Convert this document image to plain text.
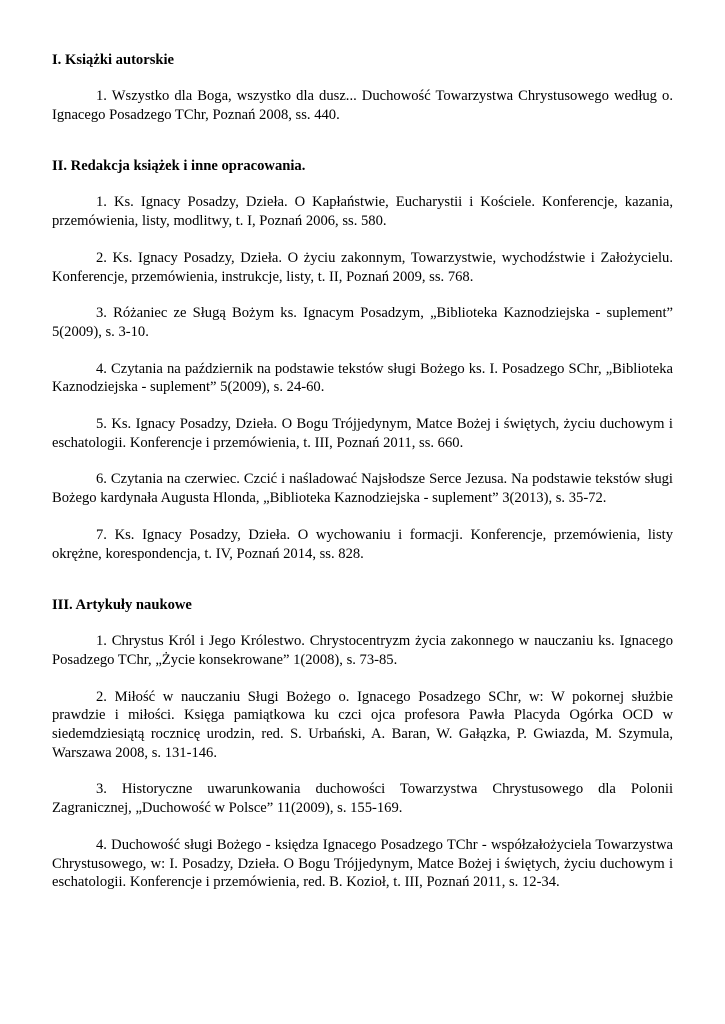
I. Książki autorskie

1. Wszystko dla Boga, wszystko dla dusz... Duchowość Towarzystwa Chrystusowego według o. Ignacego Posadzego TChr, Poznań 2008, ss. 440.

II. Redakcja książek i inne opracowania.

1. Ks. Ignacy Posadzy, Dzieła. O Kapłaństwie, Eucharystii i Kościele. Konferencje, kazania, przemówienia, listy, modlitwy, t. I, Poznań 2006, ss. 580.

2. Ks. Ignacy Posadzy, Dzieła. O życiu zakonnym, Towarzystwie, wychodźstwie i Założycielu. Konferencje, przemówienia, instrukcje, listy, t. II, Poznań 2009, ss. 768.

3. Różaniec ze Sługą Bożym ks. Ignacym Posadzym, „Biblioteka Kaznodziejska - suplement” 5(2009), s. 3-10.

4. Czytania na październik na podstawie tekstów sługi Bożego ks. I. Posadzego SChr, „Biblioteka Kaznodziejska - suplement” 5(2009), s. 24-60.

5. Ks. Ignacy Posadzy, Dzieła. O Bogu Trójjedynym, Matce Bożej i świętych, życiu duchowym i eschatologii. Konferencje i przemówienia, t. III, Poznań 2011, ss. 660.

6. Czytania na czerwiec. Czcić i naśladować Najsłodsze Serce Jezusa. Na podstawie tekstów sługi Bożego kardynała Augusta Hlonda, „Biblioteka Kaznodziejska - suplement” 3(2013), s. 35-72.

7. Ks. Ignacy Posadzy, Dzieła. O wychowaniu i formacji. Konferencje, przemówienia, listy okrężne, korespondencja, t. IV, Poznań 2014, ss. 828.

III. Artykuły naukowe

1. Chrystus Król i Jego Królestwo. Chrystocentryzm życia zakonnego w nauczaniu ks. Ignacego Posadzego TChr, „Życie konsekrowane” 1(2008), s. 73-85.

2. Miłość w nauczaniu Sługi Bożego o. Ignacego Posadzego SChr, w: W pokornej służbie prawdzie i miłości. Księga pamiątkowa ku czci ojca profesora Pawła Placyda Ogórka OCD w siedemdziesiątą rocznicę urodzin, red. S. Urbański, A. Baran, W. Gałązka, P. Gwiazda, M. Szymula, Warszawa 2008, s. 131-146.

3. Historyczne uwarunkowania duchowości Towarzystwa Chrystusowego dla Polonii Zagranicznej, „Duchowość w Polsce” 11(2009), s. 155-169.

4. Duchowość sługi Bożego - księdza Ignacego Posadzego TChr - współzałożyciela Towarzystwa Chrystusowego, w: I. Posadzy, Dzieła. O Bogu Trójjedynym, Matce Bożej i świętych, życiu duchowym i eschatologii. Konferencje i przemówienia, red. B. Kozioł, t. III, Poznań 2011, s. 12-34.
